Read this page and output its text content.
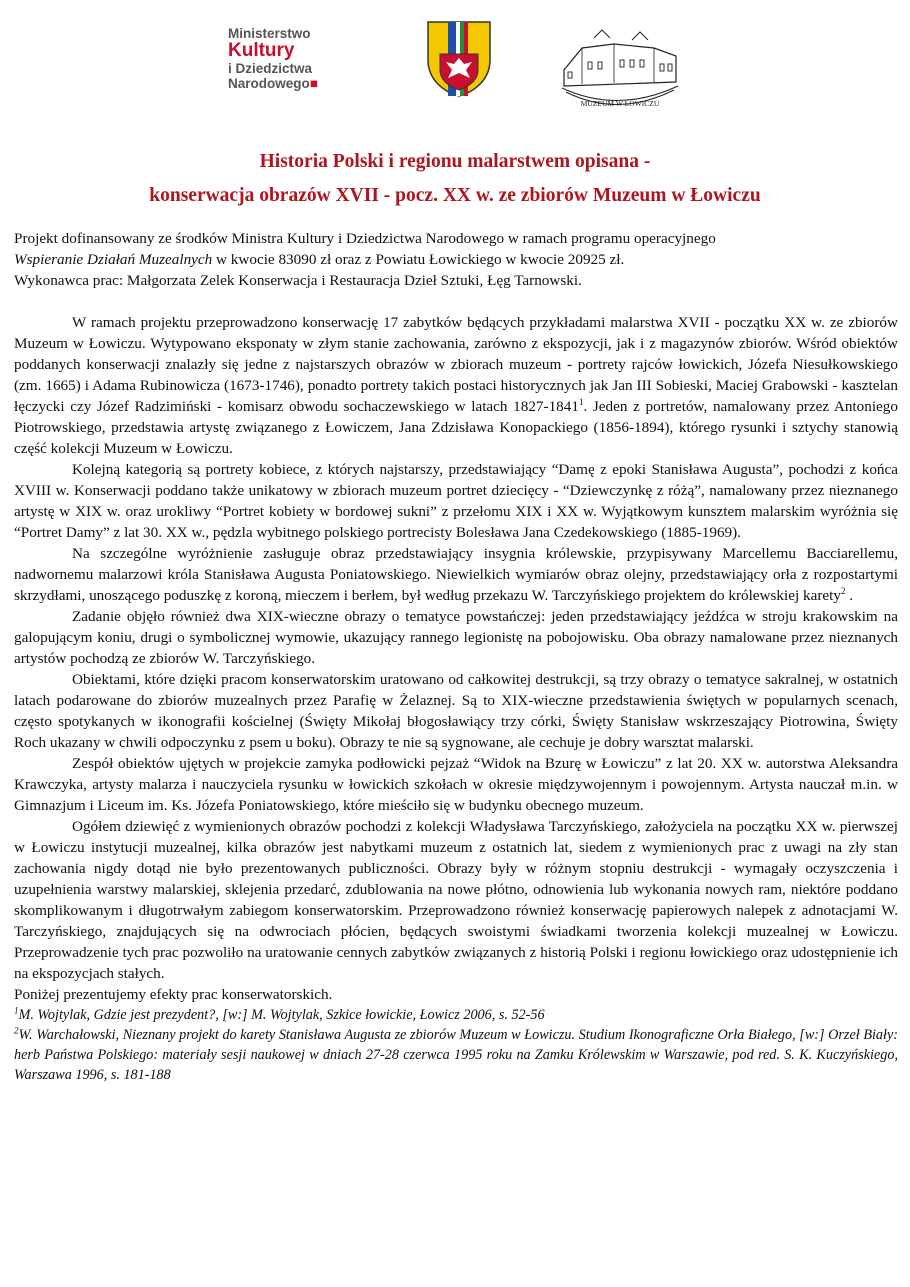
Ministerstwo
Kultury
i Dziedzictwa
Narodowego■
MUZEUM W ŁOWICZU
Historia Polski i regionu malarstwem opisana -
konserwacja obrazów XVII - pocz. XX w. ze zbiorów Muzeum w Łowiczu

Projekt dofinansowany ze środków Ministra Kultury i Dziedzictwa Narodowego w ramach programu operacyjnego

Wspieranie Działań Muzealnych w kwocie 83090 zł oraz z Powiatu Łowickiego w kwocie 20925 zł.

Wykonawca prac: Małgorzata Zelek Konserwacja i Restauracja Dzieł Sztuki, Łęg Tarnowski.

W ramach projektu przeprowadzono konserwację 17 zabytków będących przykładami malarstwa XVII - początku XX w. ze zbiorów Muzeum w Łowiczu. Wytypowano eksponaty w złym stanie zachowania, zarówno z ekspozycji, jak i z magazynów zbiorów. Wśród obiektów poddanych konserwacji znalazły się jedne z najstarszych obrazów w zbiorach muzeum - portrety rajców łowickich, Józefa Niesułkowskiego (zm. 1665) i Adama Rubinowicza (1673-1746), ponadto portrety takich postaci historycznych jak Jan III Sobieski, Maciej Grabowski - kasztelan łęczycki czy Józef Radzimiński - komisarz obwodu sochaczewskiego w latach 1827-1841$^1$. Jeden z portretów, namalowany przez Antoniego Piotrowskiego, przedstawia artystę związanego z Łowiczem, Jana Zdzisława Konopackiego (1856-1894), którego rysunki i sztychy stanowią część kolekcji Muzeum w Łowiczu.

Kolejną kategorią są portrety kobiece, z których najstarszy, przedstawiający “Damę z epoki Stanisława Augusta”, pochodzi z końca XVIII w. Konserwacji poddano także unikatowy w zbiorach muzeum portret dziecięcy - “Dziewczynkę z różą”, namalowany przez nieznanego artystę w XIX w. oraz urokliwy “Portret kobiety w bordowej sukni” z przełomu XIX i XX w. Wyjątkowym kunsztem malarskim wyróżnia się “Portret Damy” z lat 30. XX w., pędzla wybitnego polskiego portrecisty Bolesława Jana Czedekowskiego (1885-1969).

Na szczególne wyróżnienie zasługuje obraz przedstawiający insygnia królewskie, przypisywany Marcellemu Bacciarellemu, nadwornemu malarzowi króla Stanisława Augusta Poniatowskiego. Niewielkich wymiarów obraz olejny, przedstawiający orła z rozpostartymi skrzydłami, unoszącego poduszkę z koroną, mieczem i berłem, był według przekazu W. Tarczyńskiego projektem do królewskiej karety$^2$ .

Zadanie objęło również dwa XIX-wieczne obrazy o tematyce powstańczej: jeden przedstawiający jeźdźca w stroju krakowskim na galopującym koniu, drugi o symbolicznej wymowie, ukazujący rannego legionistę na pobojowisku. Oba obrazy namalowane przez nieznanych artystów pochodzą ze zbiorów W. Tarczyńskiego.

Obiektami, które dzięki pracom konserwatorskim uratowano od całkowitej destrukcji, są trzy obrazy o tematyce sakralnej, w ostatnich latach podarowane do zbiorów muzealnych przez Parafię w Żelaznej. Są to XIX-wieczne przedstawienia świętych w popularnych scenach, często spotykanych w ikonografii kościelnej (Święty Mikołaj błogosławiący trzy córki, Święty Stanisław wskrzeszający Piotrowina, Święty Roch ukazany w chwili odpoczynku z psem u boku). Obrazy te nie są sygnowane, ale cechuje je dobry warsztat malarski.

Zespół obiektów ujętych w projekcie zamyka podłowicki pejzaż “Widok na Bzurę w Łowiczu” z lat 20. XX w. autorstwa Aleksandra Krawczyka, artysty malarza i nauczyciela rysunku w łowickich szkołach w okresie międzywojennym i powojennym. Artysta nauczał m.in. w Gimnazjum i Liceum im. Ks. Józefa Poniatowskiego, które mieściło się w budynku obecnego muzeum.

Ogółem dziewięć z wymienionych obrazów pochodzi z kolekcji Władysława Tarczyńskiego, założyciela na początku XX w. pierwszej w Łowiczu instytucji muzealnej, kilka obrazów jest nabytkami muzeum z ostatnich lat, siedem z wymienionych prac z uwagi na zły stan zachowania nigdy dotąd nie było prezentowanych publiczności. Obrazy były w różnym stopniu destrukcji - wymagały oczyszczenia i uzupełnienia warstwy malarskiej, sklejenia przedarć, zdublowania na nowe płótno, odnowienia lub wykonania nowych ram, niektóre poddano skomplikowanym i długotrwałym zabiegom konserwatorskim. Przeprowadzono również konserwację papierowych nalepek z adnotacjami W. Tarczyńskiego, znajdujących się na odwrociach płócien, będących swoistymi świadkami tworzenia kolekcji muzealnej w Łowiczu. Przeprowadzenie tych prac pozwoliło na uratowanie cennych zabytków związanych z historią Polski i regionu łowickiego oraz udostępnienie ich na ekspozycjach stałych.

Poniżej prezentujemy efekty prac konserwatorskich.

$^1$M. Wojtylak, Gdzie jest prezydent?, [w:] M. Wojtylak, Szkice łowickie, Łowicz 2006, s. 52-56

$^2$W. Warchałowski, Nieznany projekt do karety Stanisława Augusta ze zbiorów Muzeum w Łowiczu. Studium Ikonograficzne Orła Białego, [w:] Orzeł Biały: herb Państwa Polskiego: materiały sesji naukowej w dniach 27-28 czerwca 1995 roku na Zamku Królewskim w Warszawie, pod red. S. K. Kuczyńskiego, Warszawa 1996, s. 181-188
